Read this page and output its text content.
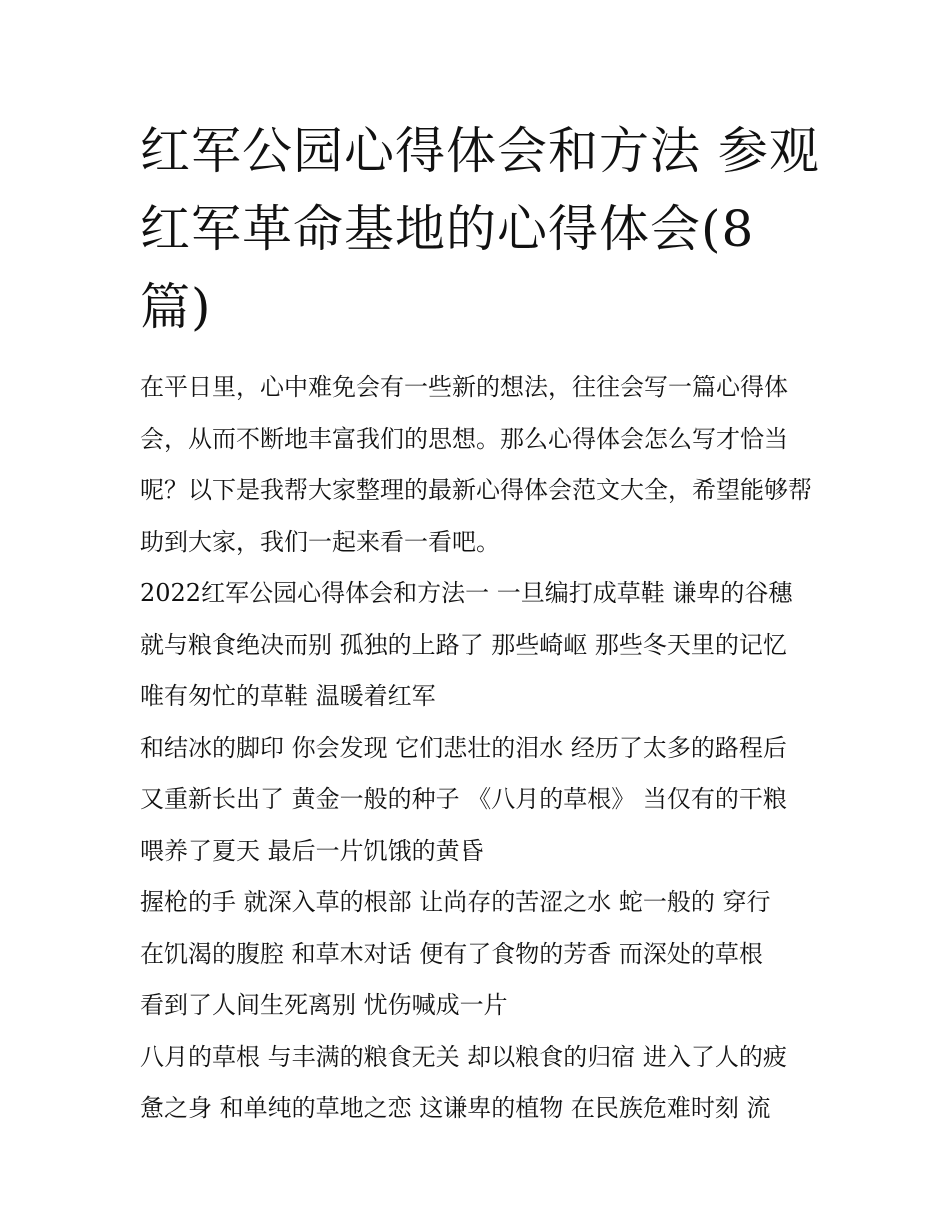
红军公园心得体会和方法 参观红军革命基地的心得体会(8篇)

在平日里，心中难免会有一些新的想法，往往会写一篇心得体会，从而不断地丰富我们的思想。那么心得体会怎么写才恰当呢？以下是我帮大家整理的最新心得体会范文大全，希望能够帮助到大家，我们一起来看一看吧。

2022红军公园心得体会和方法一 一旦编打成草鞋 谦卑的谷穗
就与粮食绝决而别 孤独的上路了 那些崎岖 那些冬天里的记忆
唯有匆忙的草鞋 温暖着红军
和结冰的脚印 你会发现 它们悲壮的泪水 经历了太多的路程后
又重新长出了 黄金一般的种子 《八月的草根》 当仅有的干粮
喂养了夏天 最后一片饥饿的黄昏
握枪的手 就深入草的根部 让尚存的苦涩之水 蛇一般的 穿行
在饥渴的腹腔 和草木对话 便有了食物的芳香 而深处的草根
看到了人间生死离别 忧伤喊成一片
八月的草根 与丰满的粮食无关 却以粮食的归宿 进入了人的疲
惫之身 和单纯的草地之恋 这谦卑的植物 在民族危难时刻 流
